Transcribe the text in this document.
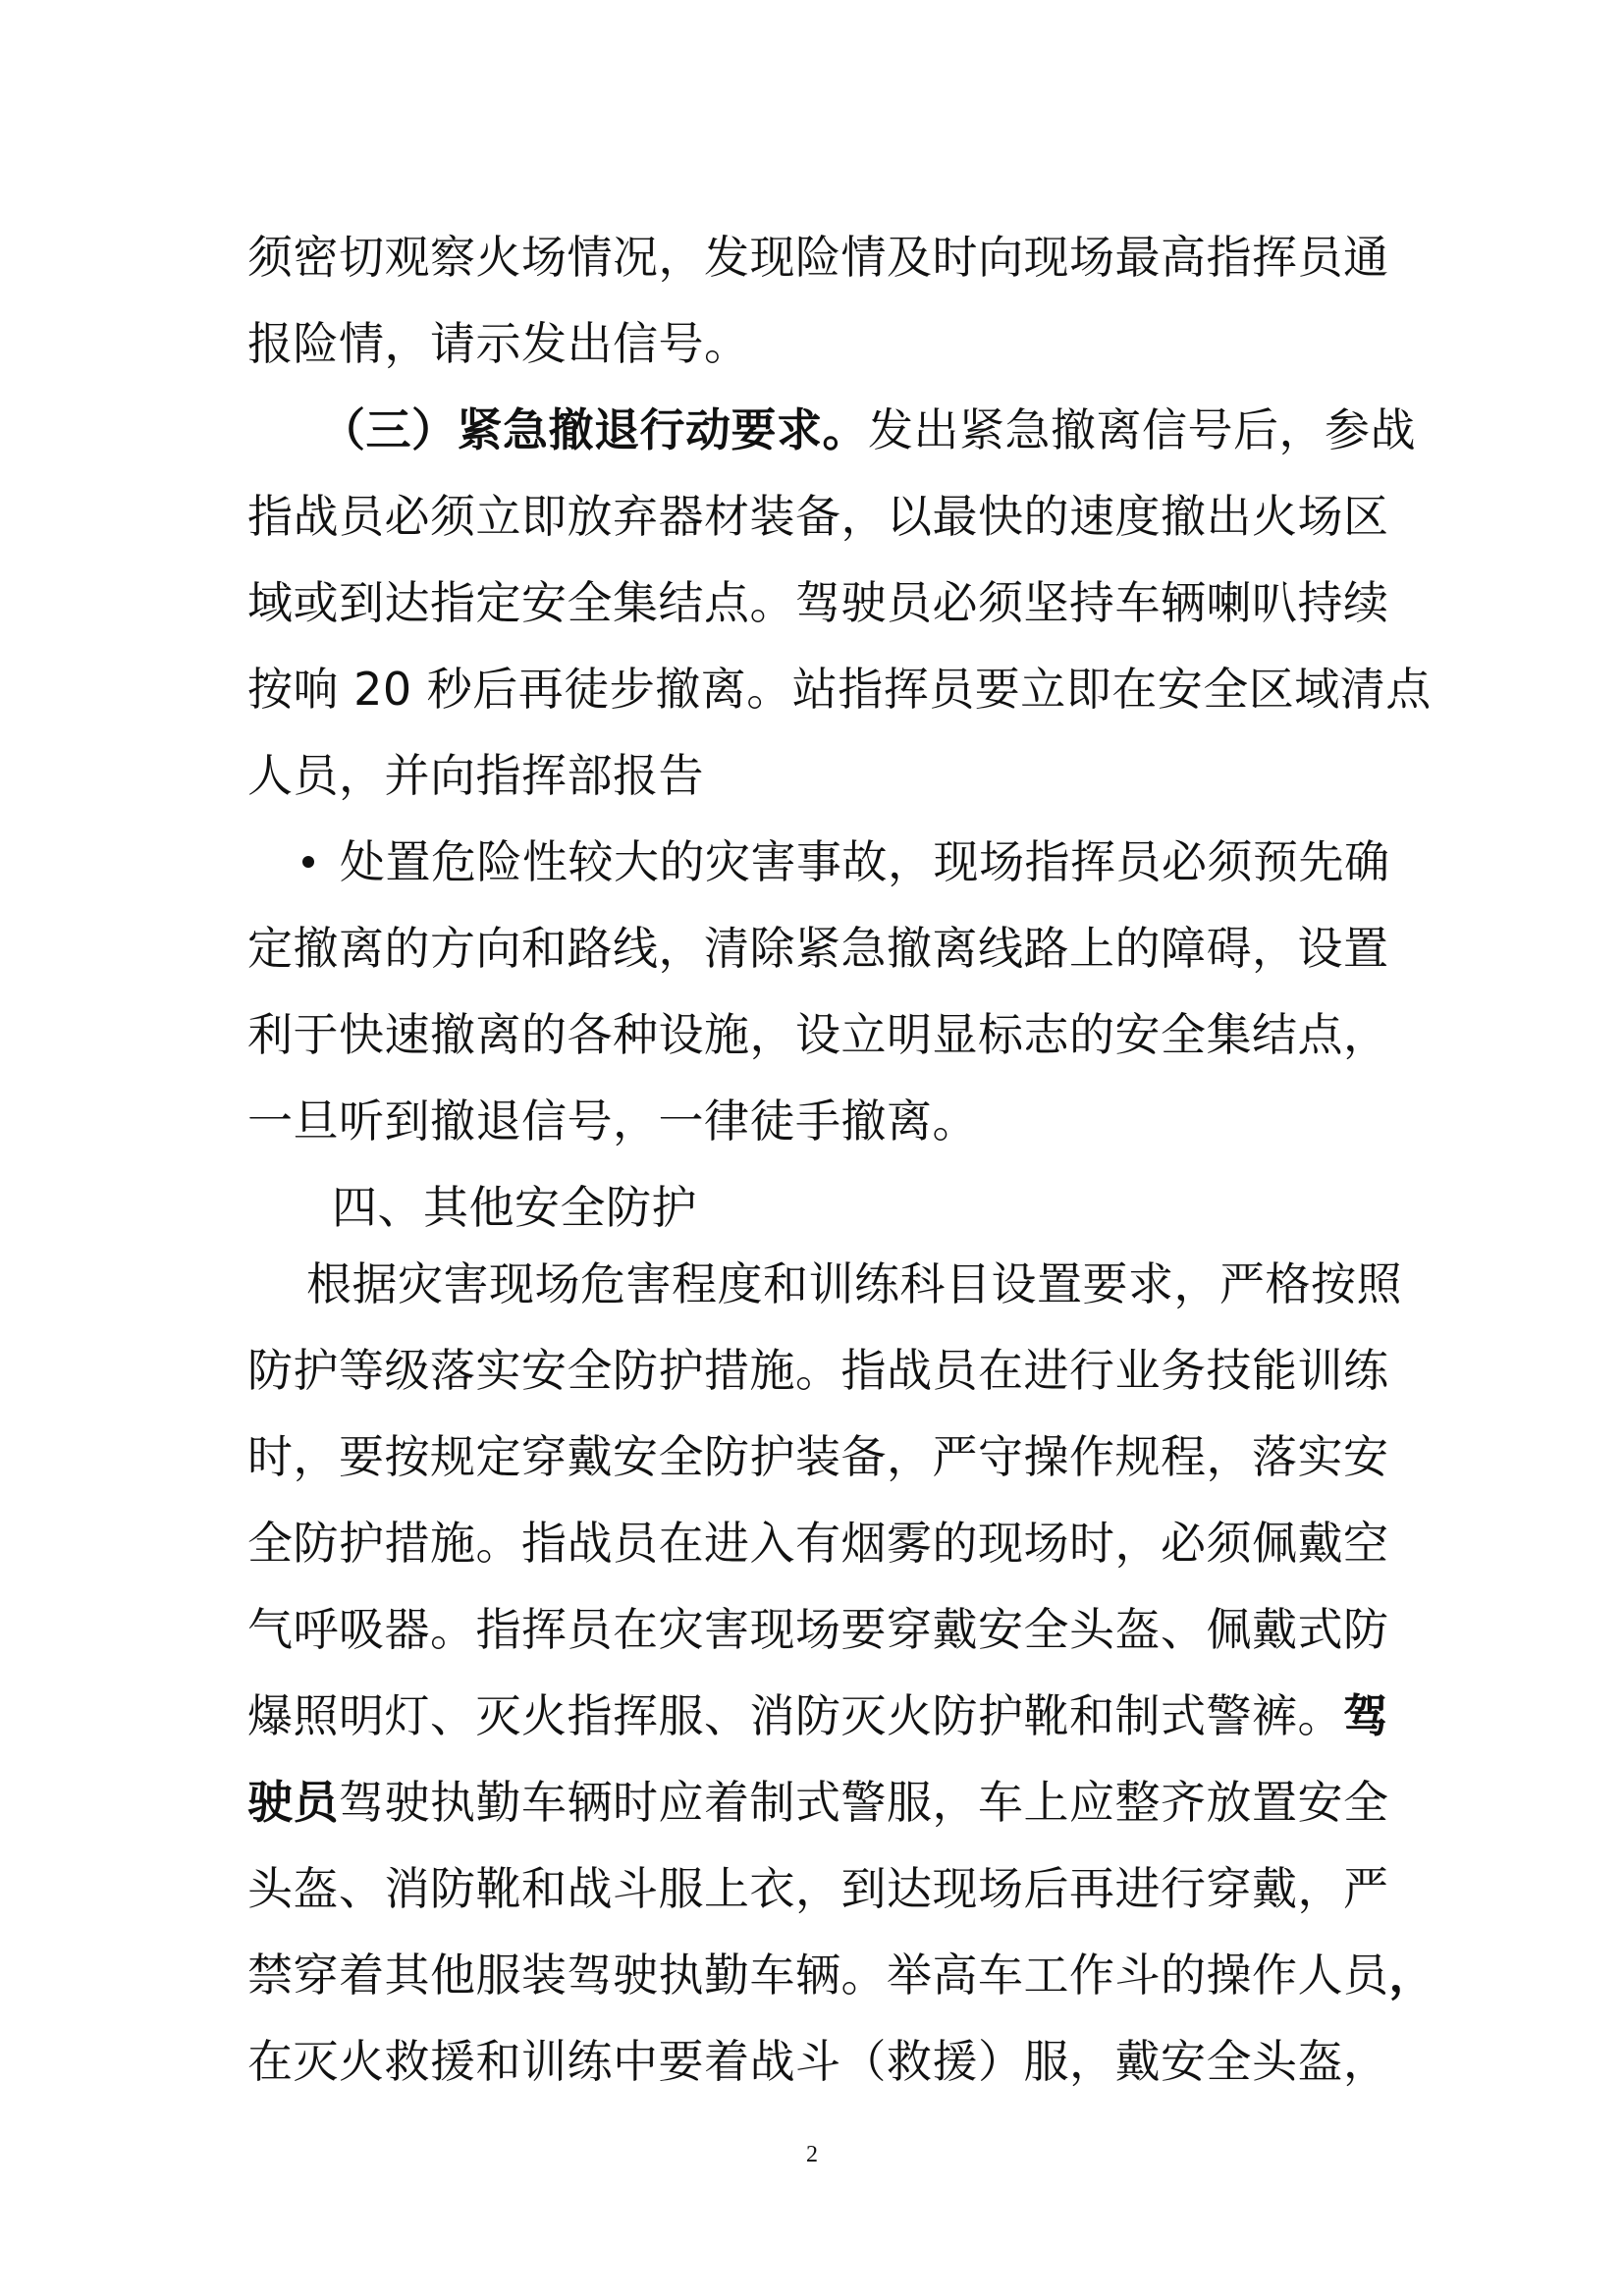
须密切观察火场情况，发现险情及时向现场最高指挥员通
报险情，请示发出信号。
（三）紧急撤退行动要求。发出紧急撤离信号后，参战
指战员必须立即放弃器材装备，以最快的速度撤出火场区
域或到达指定安全集结点。驾驶员必须坚持车辆喇叭持续
按响 20 秒后再徒步撤离。站指挥员要立即在安全区域清点
人员，并向指挥部报告
处置危险性较大的灾害事故，现场指挥员必须预先确
定撤离的方向和路线，清除紧急撤离线路上的障碍，设置
利于快速撤离的各种设施，设立明显标志的安全集结点，
一旦听到撤退信号，一律徒手撤离。
四、其他安全防护
根据灾害现场危害程度和训练科目设置要求，严格按照
防护等级落实安全防护措施。指战员在进行业务技能训练
时，要按规定穿戴安全防护装备，严守操作规程，落实安
全防护措施。指战员在进入有烟雾的现场时，必须佩戴空
气呼吸器。指挥员在灾害现场要穿戴安全头盔、佩戴式防
爆照明灯、灭火指挥服、消防灭火防护靴和制式警裤。驾
驶员驾驶执勤车辆时应着制式警服，车上应整齐放置安全
头盔、消防靴和战斗服上衣，到达现场后再进行穿戴，严
禁穿着其他服装驾驶执勤车辆。举高车工作斗的操作人员，
在灭火救援和训练中要着战斗（救援）服，戴安全头盔，
2
